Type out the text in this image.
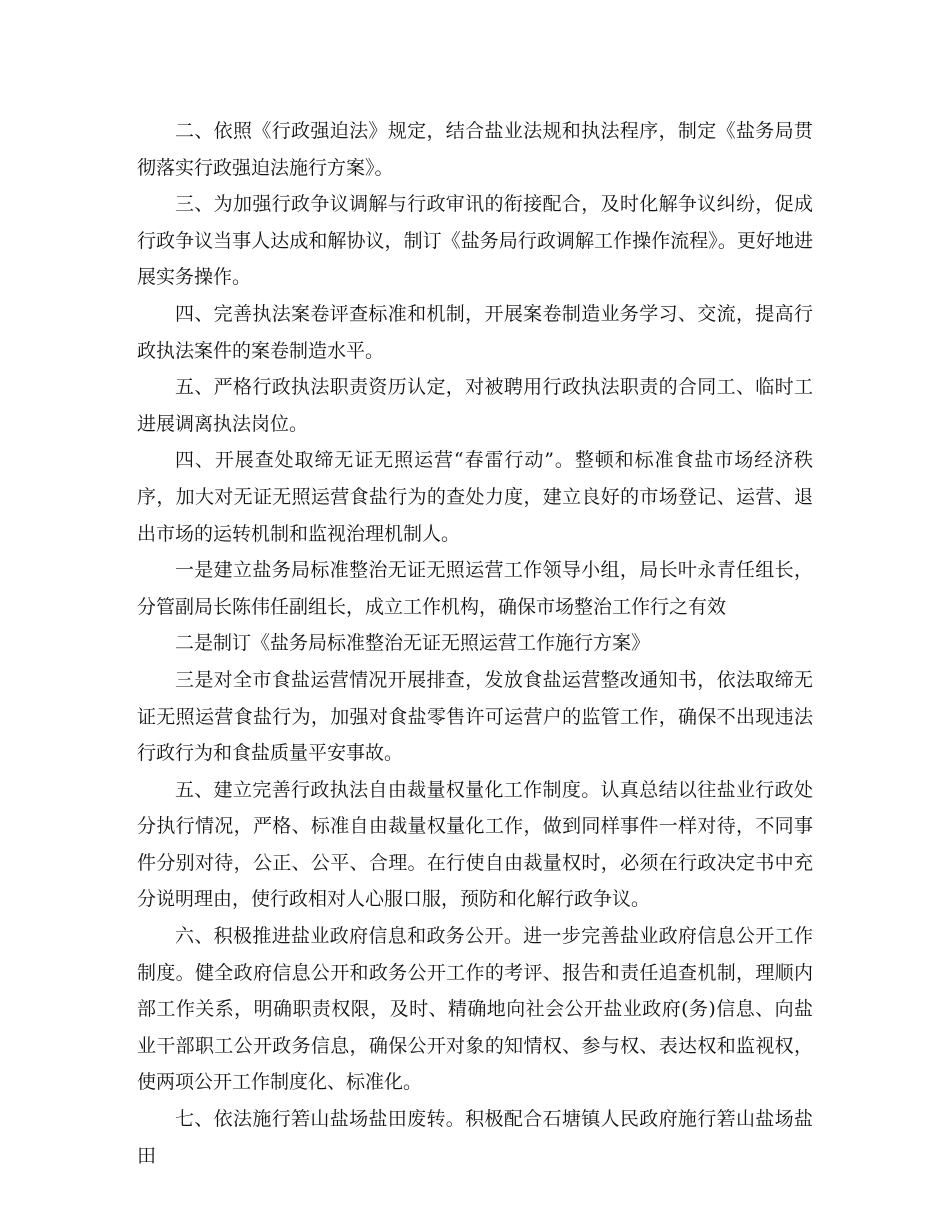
二、依照《行政强迫法》规定，结合盐业法规和执法程序，制定《盐务局贯彻落实行政强迫法施行方案》。

三、为加强行政争议调解与行政审讯的衔接配合，及时化解争议纠纷，促成行政争议当事人达成和解协议，制订《盐务局行政调解工作操作流程》。更好地进展实务操作。

四、完善执法案卷评查标准和机制，开展案卷制造业务学习、交流，提高行政执法案件的案卷制造水平。

五、严格行政执法职责资历认定，对被聘用行政执法职责的合同工、临时工进展调离执法岗位。

四、开展查处取缔无证无照运营“春雷行动”。整顿和标准食盐市场经济秩序，加大对无证无照运营食盐行为的查处力度，建立良好的市场登记、运营、退出市场的运转机制和监视治理机制人。

一是建立盐务局标准整治无证无照运营工作领导小组，局长叶永青任组长，分管副局长陈伟任副组长，成立工作机构，确保市场整治工作行之有效

二是制订《盐务局标准整治无证无照运营工作施行方案》

三是对全市食盐运营情况开展排查，发放食盐运营整改通知书，依法取缔无证无照运营食盐行为，加强对食盐零售许可运营户的监管工作，确保不出现违法行政行为和食盐质量平安事故。

五、建立完善行政执法自由裁量权量化工作制度。认真总结以往盐业行政处分执行情况，严格、标准自由裁量权量化工作，做到同样事件一样对待，不同事件分别对待，公正、公平、合理。在行使自由裁量权时，必须在行政决定书中充分说明理由，使行政相对人心服口服，预防和化解行政争议。

六、积极推进盐业政府信息和政务公开。进一步完善盐业政府信息公开工作制度。健全政府信息公开和政务公开工作的考评、报告和责任追查机制，理顺内部工作关系，明确职责权限，及时、精确地向社会公开盐业政府(务)信息、向盐业干部职工公开政务信息，确保公开对象的知情权、参与权、表达权和监视权，使两项公开工作制度化、标准化。

七、依法施行箬山盐场盐田废转。积极配合石塘镇人民政府施行箬山盐场盐田
